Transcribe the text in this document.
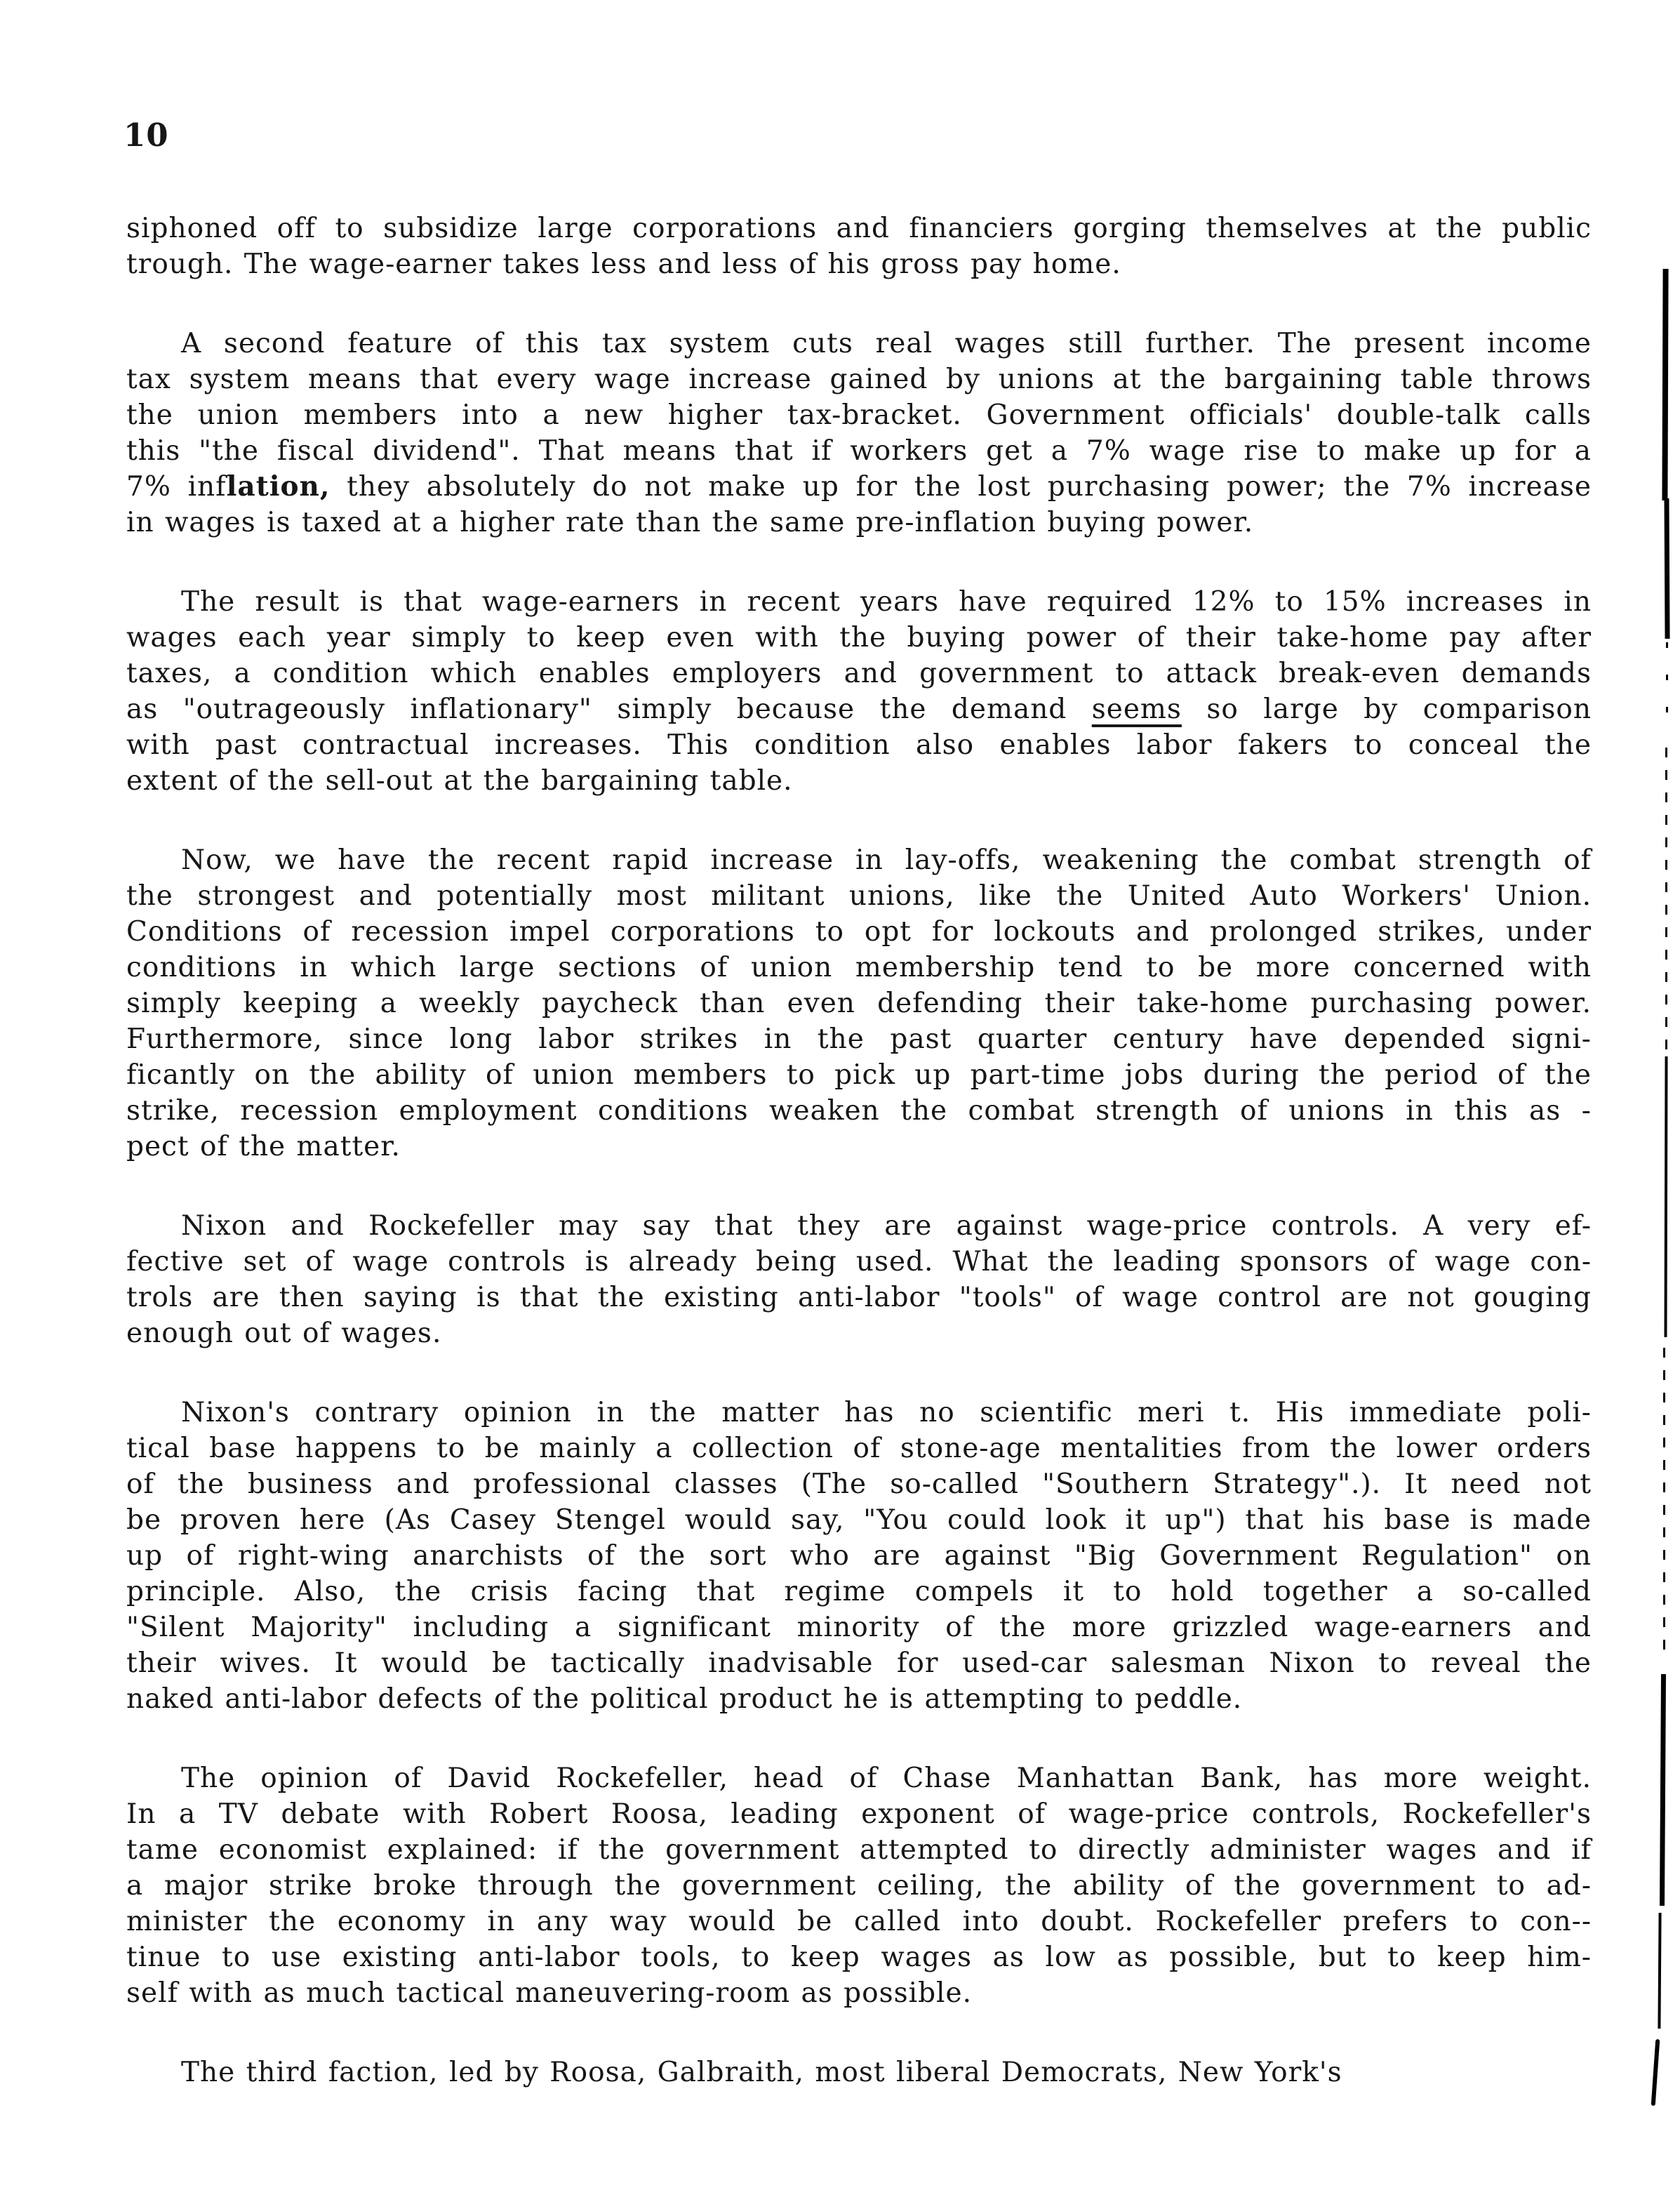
10
siphoned off to subsidize large corporations and financiers gorging themselves at the public
trough. The wage-earner takes less and less of his gross pay home.
A second feature of this tax system cuts real wages still further. The present income
tax system means that every wage increase gained by unions at the bargaining table throws
the union members into a new higher tax-bracket. Government officials' double-talk calls
this "the fiscal dividend". That means that if workers get a 7% wage rise to make up for a
7% inflation, they absolutely do not make up for the lost purchasing power; the 7% increase
in wages is taxed at a higher rate than the same pre-inflation buying power.
The result is that wage-earners in recent years have required 12% to 15% increases in
wages each year simply to keep even with the buying power of their take-home pay after
taxes, a condition which enables employers and government to attack break-even demands
as "outrageously inflationary" simply because the demand seems so large by comparison
with past contractual increases. This condition also enables labor fakers to conceal the
extent of the sell-out at the bargaining table.
Now, we have the recent rapid increase in lay-offs, weakening the combat strength of
the strongest and potentially most militant unions, like the United Auto Workers' Union.
Conditions of recession impel corporations to opt for lockouts and prolonged strikes, under
conditions in which large sections of union membership tend to be more concerned with
simply keeping a weekly paycheck than even defending their take-home purchasing power.
Furthermore, since long labor strikes in the past quarter century have depended signi-
ficantly on the ability of union members to pick up part-time jobs during the period of the
strike, recession employment conditions weaken the combat strength of unions in this as -
pect of the matter.
Nixon and Rockefeller may say that they are against wage-price controls. A very ef-
fective set of wage controls is already being used. What the leading sponsors of wage con-
trols are then saying is that the existing anti-labor "tools" of wage control are not gouging
enough out of wages.
Nixon's contrary opinion in the matter has no scientific meri t. His immediate poli-
tical base happens to be mainly a collection of stone-age mentalities from the lower orders
of the business and professional classes (The so-called "Southern Strategy".). It need not
be proven here (As Casey Stengel would say, "You could look it up") that his base is made
up of right-wing anarchists of the sort who are against "Big Government Regulation" on
principle. Also, the crisis facing that regime compels it to hold together a so-called
"Silent Majority" including a significant minority of the more grizzled wage-earners and
their wives. It would be tactically inadvisable for used-car salesman Nixon to reveal the
naked anti-labor defects of the political product he is attempting to peddle.
The opinion of David Rockefeller, head of Chase Manhattan Bank, has more weight.
In a TV debate with Robert Roosa, leading exponent of wage-price controls, Rockefeller's
tame economist explained: if the government attempted to directly administer wages and if
a major strike broke through the government ceiling, the ability of the government to ad-
minister the economy in any way would be called into doubt. Rockefeller prefers to con--
tinue to use existing anti-labor tools, to keep wages as low as possible, but to keep him-
self with as much tactical maneuvering-room as possible.
The third faction, led by Roosa, Galbraith, most liberal Democrats, New York's
